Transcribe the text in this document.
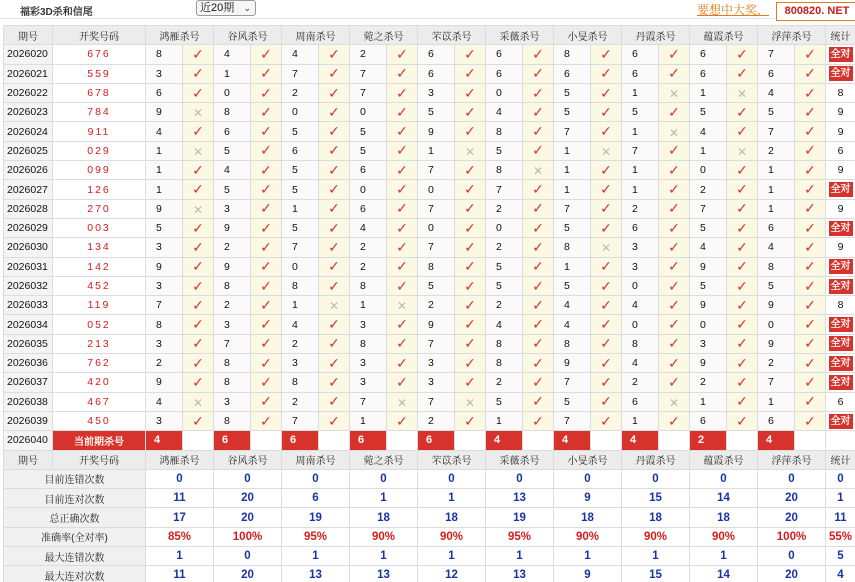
福彩3D杀和信尾	近20期 ⌄	要想中大奖，	800820. NET
期号	开奖号码	鸿雁杀号		谷风杀号		周南杀号		菀之杀号		芣苡杀号		采薇杀号		小旻杀号		丹霞杀号		蕴霞杀号		浮萍杀号		统计
2026020	676	8	✓	4	✓	4	✓	2	✓	6	✓	6	✓	8	✓	6	✓	6	✓	7	✓	全对
2026021	559	3	✓	1	✓	7	✓	7	✓	6	✓	6	✓	6	✓	6	✓	6	✓	6	✓	全对
2026022	678	6	✓	0	✓	2	✓	7	✓	3	✓	0	✓	5	✓	1	✕	1	✕	4	✓	8
2026023	784	9	✕	8	✓	0	✓	0	✓	5	✓	4	✓	5	✓	5	✓	5	✓	5	✓	9
2026024	911	4	✓	6	✓	5	✓	5	✓	9	✓	8	✓	7	✓	1	✕	4	✓	7	✓	9
2026025	029	1	✕	5	✓	6	✓	5	✓	1	✕	5	✓	1	✕	7	✓	1	✕	2	✓	6
2026026	099	1	✓	4	✓	5	✓	6	✓	7	✓	8	✕	1	✓	1	✓	0	✓	1	✓	9
2026027	126	1	✓	5	✓	5	✓	0	✓	0	✓	7	✓	1	✓	1	✓	2	✓	1	✓	全对
2026028	270	9	✕	3	✓	1	✓	6	✓	7	✓	2	✓	7	✓	2	✓	7	✓	1	✓	9
2026029	003	5	✓	9	✓	5	✓	4	✓	0	✓	0	✓	5	✓	6	✓	5	✓	6	✓	全对
2026030	134	3	✓	2	✓	7	✓	2	✓	7	✓	2	✓	8	✕	3	✓	4	✓	4	✓	9
2026031	142	9	✓	9	✓	0	✓	2	✓	8	✓	5	✓	1	✓	3	✓	9	✓	8	✓	全对
2026032	452	3	✓	8	✓	8	✓	8	✓	5	✓	5	✓	5	✓	0	✓	5	✓	5	✓	全对
2026033	119	7	✓	2	✓	1	✕	1	✕	2	✓	2	✓	4	✓	4	✓	9	✓	9	✓	8
2026034	052	8	✓	3	✓	4	✓	3	✓	9	✓	4	✓	4	✓	0	✓	0	✓	0	✓	全对
2026035	213	3	✓	7	✓	2	✓	8	✓	7	✓	8	✓	8	✓	8	✓	3	✓	9	✓	全对
2026036	762	2	✓	8	✓	3	✓	3	✓	3	✓	8	✓	9	✓	4	✓	9	✓	2	✓	全对
2026037	420	9	✓	8	✓	8	✓	3	✓	3	✓	2	✓	7	✓	2	✓	2	✓	7	✓	全对
2026038	467	4	✕	3	✓	2	✓	7	✕	7	✕	5	✓	5	✓	6	✕	1	✓	1	✓	6
2026039	450	3	✓	8	✓	7	✓	1	✓	2	✓	1	✓	7	✓	1	✓	6	✓	6	✓	全对
2026040	当前期杀号	4		6		6		6		6		4		4		4		2		4		
期号	开奖号码	鸿雁杀号		谷风杀号		周南杀号		菀之杀号		芣苡杀号		采薇杀号		小旻杀号		丹霞杀号		蕴霞杀号		浮萍杀号		统计
目前连错次数		0		0		0		0		0		0		0		0		0		0		0
目前连对次数		11		20		6		1		1		13		9		15		14		20		1
总正确次数		17		20		19		18		18		19		18		18		18		20		11
准确率(全对率)		85%		100%		95%		90%		90%		95%		90%		90%		90%		100%		55%
最大连错次数		1		0		1		1		1		1		1		1		1		0		5
最大连对次数		11		20		13		13		12		13		9		15		14		20		4
